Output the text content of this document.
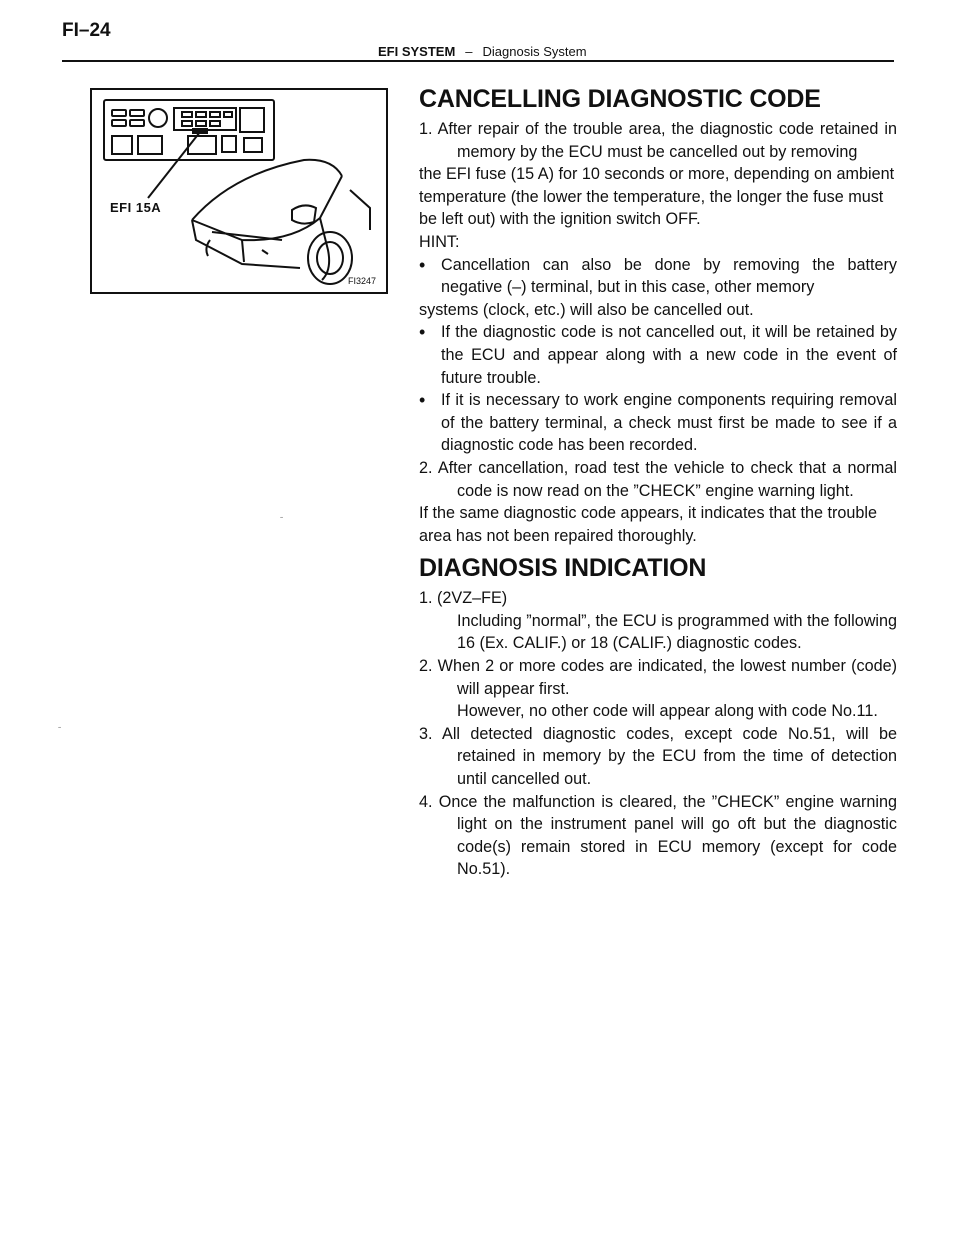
FI–24
EFI SYSTEM – Diagnosis System
EFI 15A
FI3247
CANCELLING DIAGNOSTIC CODE

1. After repair of the trouble area, the diagnostic code retained in memory by the ECU must be cancelled out by removing

the EFI fuse (15 A) for 10 seconds or more, depending on ambient temperature (the lower the temperature, the longer the fuse must be left out) with the ignition switch OFF.

HINT:

• Cancellation can also be done by removing the battery negative (–) terminal, but in this case, other memory

systems (clock, etc.) will also be cancelled out.

• If the diagnostic code is not cancelled out, it will be retained by the ECU and appear along with a new code in the event of future trouble.

• If it is necessary to work engine components requiring removal of the battery terminal, a check must first be made to see if a diagnostic code has been recorded.

2. After cancellation, road test the vehicle to check that a normal code is now read on the ”CHECK” engine warning light.

If the same diagnostic code appears, it indicates that the trouble area has not been repaired thoroughly.

DIAGNOSIS INDICATION

1. (2VZ–FE)

Including ”normal”, the ECU is programmed with the following 16 (Ex. CALIF.) or 18 (CALIF.) diagnostic codes.

2. When 2 or more codes are indicated, the lowest number (code) will appear first.

However, no other code will appear along with code No.11.

3. All detected diagnostic codes, except code No.51, will be retained in memory by the ECU from the time of detection until cancelled out.

4. Once the malfunction is cleared, the ”CHECK” engine warning light on the instrument panel will go oft but the diagnostic code(s) remain stored in ECU memory (except for code No.51).

ˉ
ˉ
